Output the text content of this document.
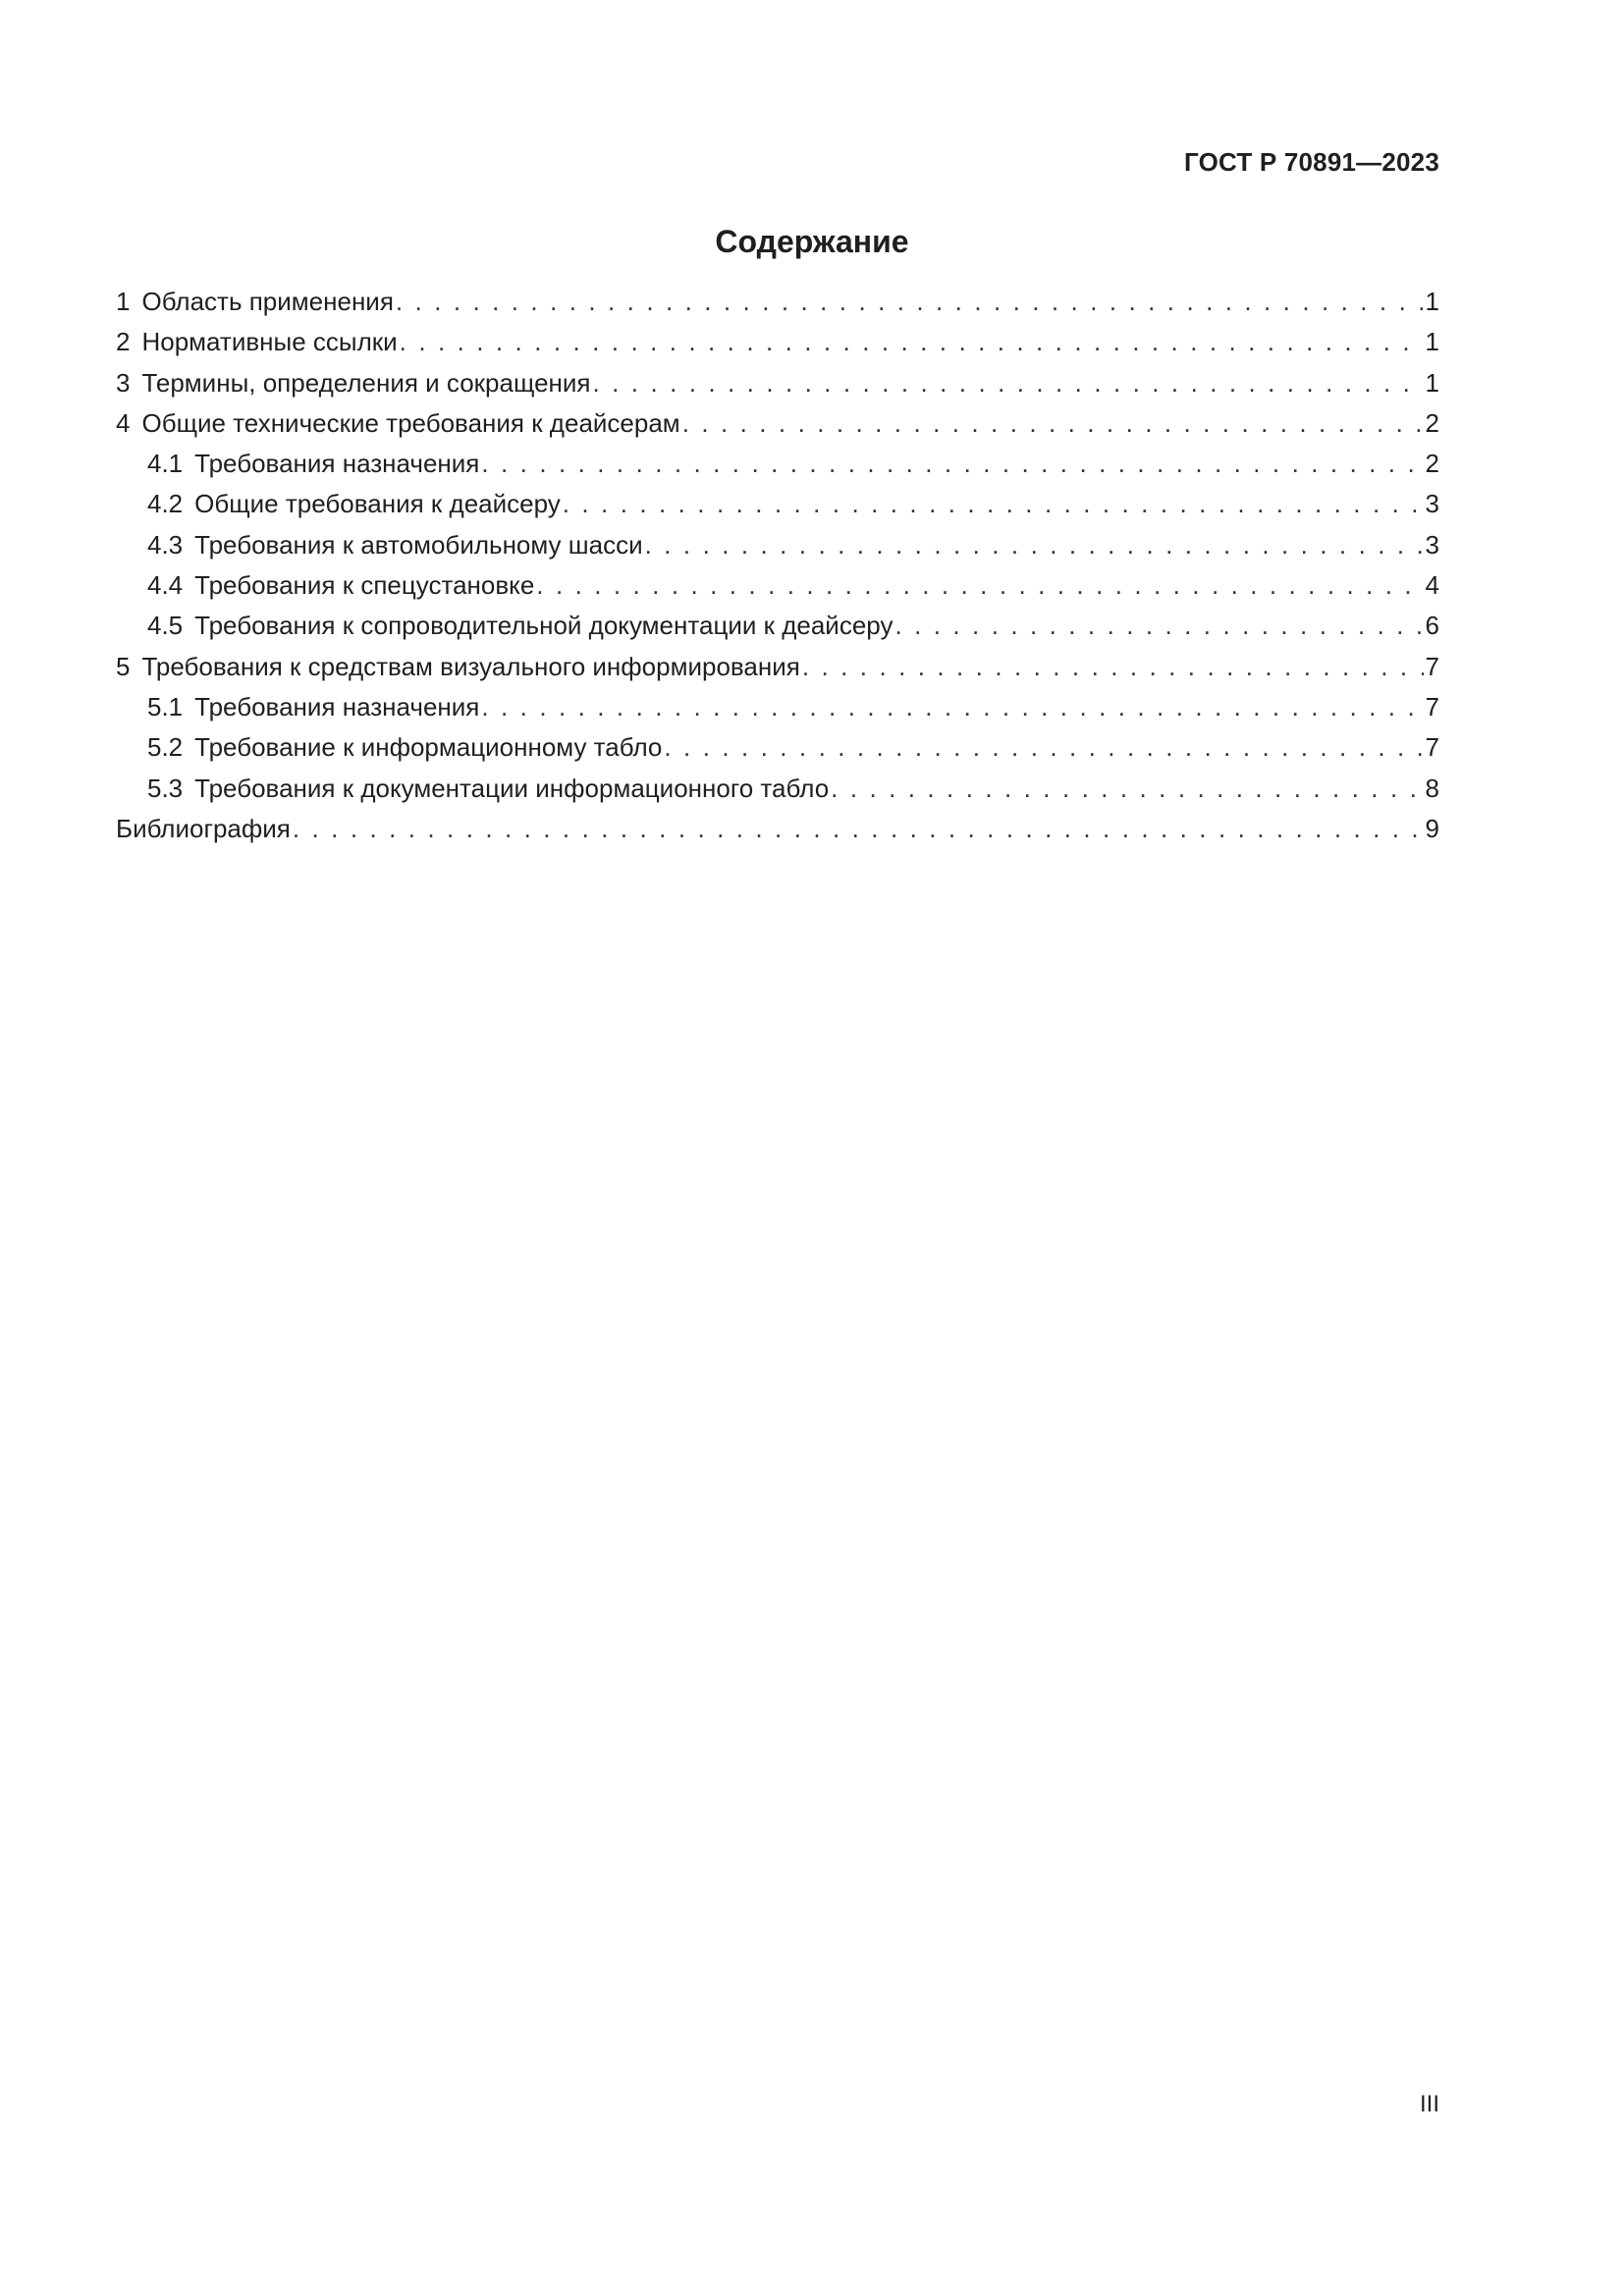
ГОСТ Р 70891—2023
Содержание
1 Область применения . . .	1
2 Нормативные ссылки . . .	1
3 Термины, определения и сокращения . . .	1
4 Общие технические требования к деайсерам . . .	2
4.1 Требования назначения . . .	2
4.2 Общие требования к деайсеру . . .	3
4.3 Требования к автомобильному шасси . . .	3
4.4 Требования к спецустановке . . .	4
4.5 Требования к сопроводительной документации к деайсеру . . .	6
5 Требования к средствам визуального информирования . . .	7
5.1 Требования назначения . . .	7
5.2 Требование к информационному табло . . .	7
5.3 Требования к документации информационного табло . . .	8
Библиография . . .	9
III
